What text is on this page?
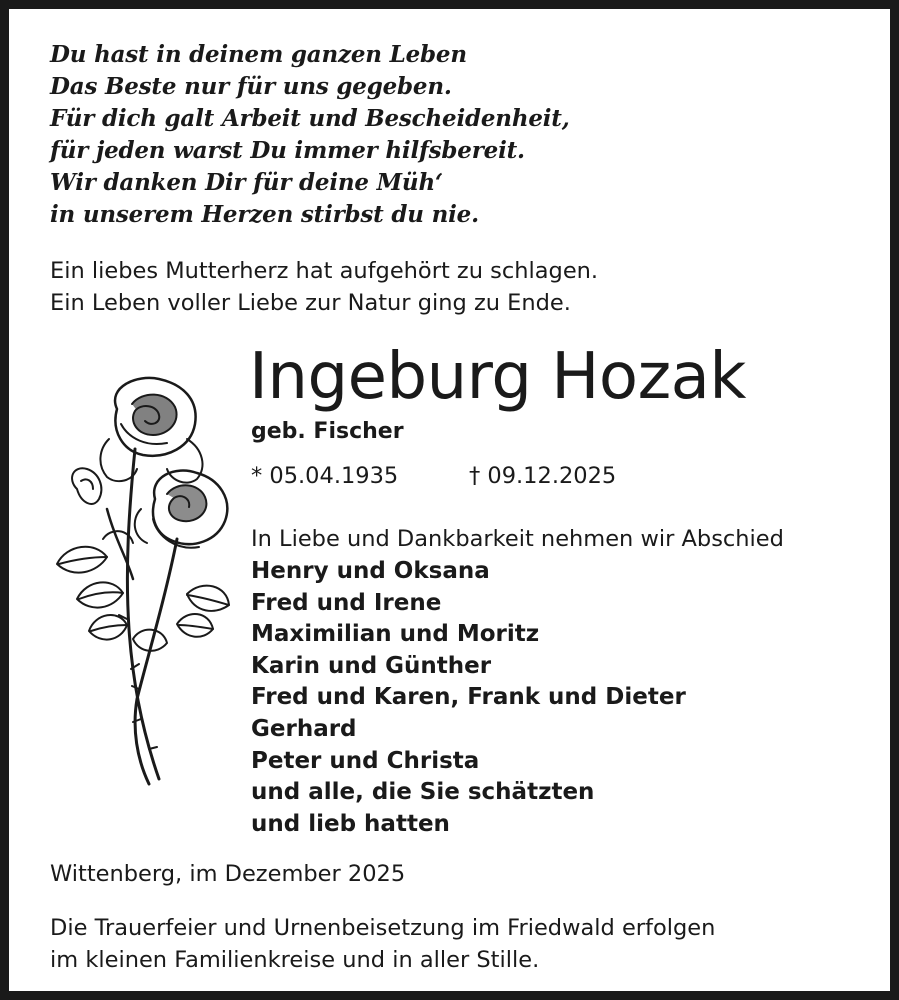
Du hast in deinem ganzen Leben
Das Beste nur für uns gegeben.
Für dich galt Arbeit und Bescheidenheit,
für jeden warst Du immer hilfsbereit.
Wir danken Dir für deine Müh‘
in unserem Herzen stirbst du nie.
Ein liebes Mutterherz hat aufgehört zu schlagen.
Ein Leben voller Liebe zur Natur ging zu Ende.
Ingeburg Hozak
geb. Fischer
* 05.04.1935	† 09.12.2025
In Liebe und Dankbarkeit nehmen wir Abschied
Henry und Oksana
Fred und Irene
Maximilian und Moritz
Karin und Günther
Fred und Karen, Frank und Dieter
Gerhard
Peter und Christa
und alle, die Sie schätzten
und lieb hatten
Wittenberg, im Dezember 2025
Die Trauerfeier und Urnenbeisetzung im Friedwald erfolgen
im kleinen Familienkreise und in aller Stille.
